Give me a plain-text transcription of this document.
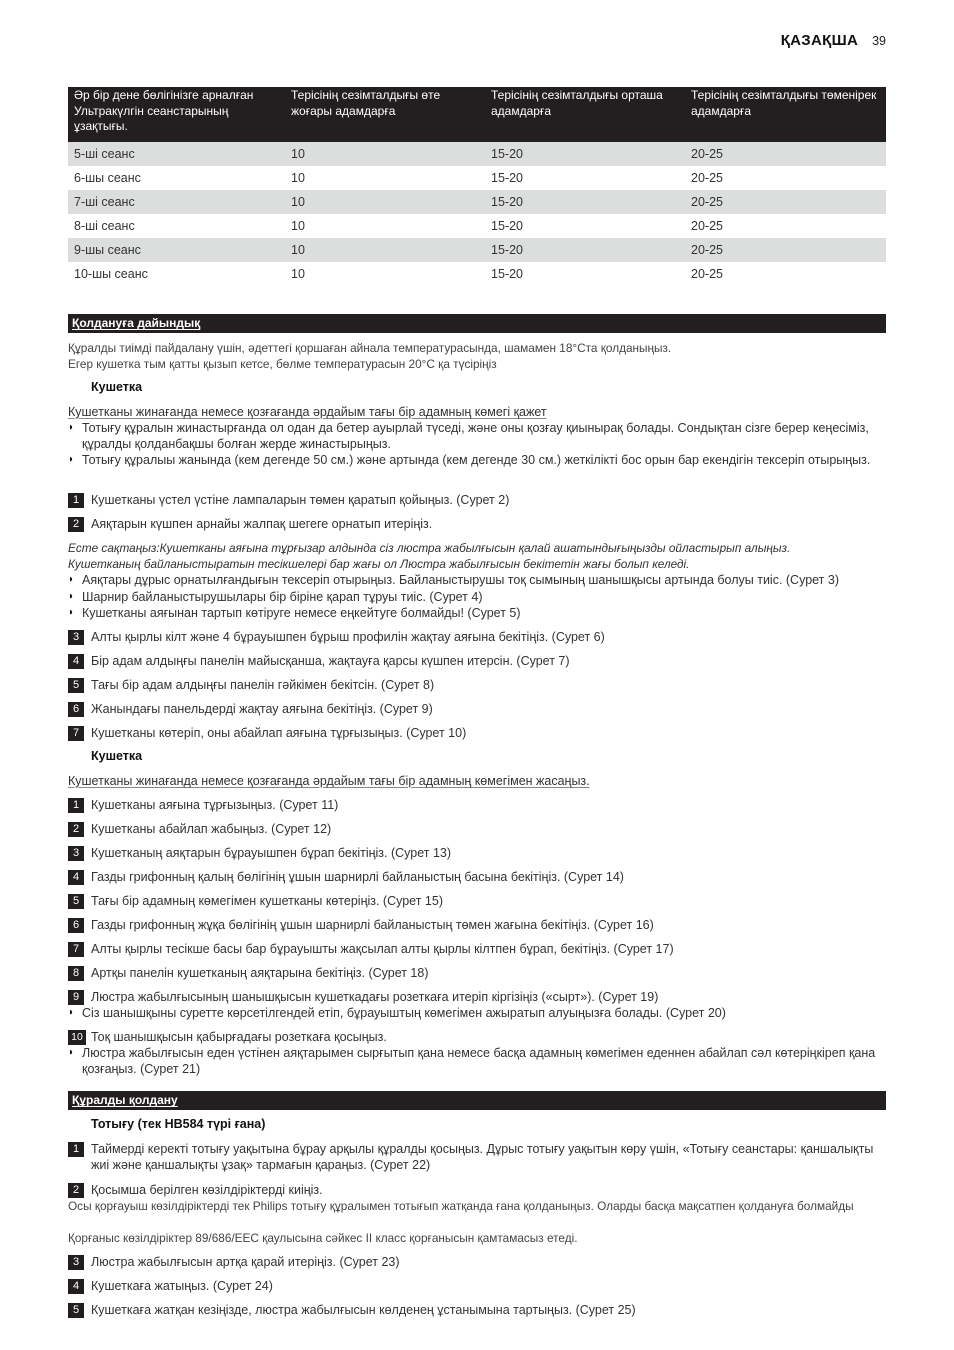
ҚАЗАҚША 39
Әр бір дене бөлігінізге арналған Ультракүлгін сеанстарының ұзақтығы.	Терісінің сезімталдығы өте жоғары адамдарға	Терісінің сезімталдығы орташа адамдарға	Терісінің сезімталдығы төменірек адамдарға
5-ші сеанс	10	15-20	20-25
6-шы сеанс	10	15-20	20-25
7-ші сеанс	10	15-20	20-25
8-ші сеанс	10	15-20	20-25
9-шы сеанс	10	15-20	20-25
10-шы сеанс	10	15-20	20-25
Қолдануға дайындық
Құралды тиімді пайдалану үшін, әдеттегі қоршаған айнала температурасында, шамамен 18°Cта қолданыңыз.
Егер кушетка тым қатты қызып кетсе, бөлме температурасын 20°C қа түсіріңіз
Кушетка
Кушетканы жинағанда немесе қозғағанда әрдайым тағы бір адамның көмегі қажет
◗ Тотығу құралын жинастырғанда ол одан да бетер ауырлай түседі, және оны қозғау қиынырақ болады. Сондықтан сізге берер кеңесіміз, құралды қолданбақшы болған жерде жинастырыңыз.
◗ Тотығу құралыы жанында (кем дегенде 50 см.) және артында (кем дегенде 30 см.) жеткілікті бос орын бар екендігін тексеріп отырыңыз.
1 Кушетканы үстел үстіне лампаларын төмен қаратып қойыңыз. (Сурет 2)
2 Аяқтарын күшпен арнайы жалпақ шегеге орнатып итеріңіз.
Есте сақтаңыз:Кушетканы аяғына тұрғызар алдында сіз люстра жабылғысын қалай ашатындығыңызды ойластырып алыңыз.
Кушетканың байланыстыратын тесікшелері бар жағы ол Люстра жабылғысын бекітетін жағы болып келеді.
◗ Аяқтары дұрыс орнатылғандығын тексеріп отырыңыз. Байланыстырушы тоқ сымының шанышқысы артында болуы тиіс. (Сурет 3)
◗ Шарнир байланыстырушылары бір біріне қарап тұруы тиіс. (Сурет 4)
◗ Кушетканы аяғынан тартып көтіруге немесе еңкейтуге болмайды! (Сурет 5)
3 Алты қырлы кілт және 4 бұрауышпен бұрыш профилін жақтау аяғына бекітіңіз. (Сурет 6)
4 Бір адам алдыңғы панелін майысқанша, жақтауға қарсы күшпен итерсін. (Сурет 7)
5 Тағы бір адам алдыңғы панелін гәйкімен бекітсін. (Сурет 8)
6 Жанындағы панельдерді жақтау аяғына бекітіңіз. (Сурет 9)
7 Кушетканы көтеріп, оны абайлап аяғына тұрғызыңыз. (Сурет 10)
Кушетка
Кушетканы жинағанда немесе қозғағанда әрдайым тағы бір адамның көмегімен жасаңыз.
1 Кушетканы аяғына тұрғызыңыз. (Сурет 11)
2 Кушетканы абайлап жабыңыз. (Сурет 12)
3 Кушетканың аяқтарын бұрауышпен бұрап бекітіңіз. (Сурет 13)
4 Газды грифонның қалың бөлігінің ұшын шарнирлі байланыстың басына бекітіңіз. (Сурет 14)
5 Тағы бір адамның көмегімен кушетканы көтеріңіз. (Сурет 15)
6 Газды грифонның жұқа бөлігінің ұшын шарнирлі байланыстың төмен жағына бекітіңіз. (Сурет 16)
7 Алты қырлы тесікше басы бар бұрауышты жақсылап алты қырлы кілтпен бұрап, бекітіңіз. (Сурет 17)
8 Артқы панелін кушетканың аяқтарына бекітіңіз. (Сурет 18)
9 Люстра жабылғысының шанышқысын кушеткадағы розеткаға итеріп кіргізіңіз («сырт»). (Сурет 19)
◗ Сіз шанышқыны суретте көрсетілгендей етіп, бұрауыштың көмегімен ажыратып алуыңызға болады. (Сурет 20)
10 Тоқ шанышқысын қабырғадағы розеткаға қосыңыз.
◗ Люстра жабылғысын еден үстінен аяқтарымен сырғытып қана немесе басқа адамның көмегімен еденнен абайлап сәл көтеріңкіреп қана қозғаңыз. (Сурет 21)
Құралды қолдану
Тотығу (тек HB584 түрі ғана)
1 Таймерді керекті тотығу уақытына бұрау арқылы құралды қосыңыз. Дұрыс тотығу уақытын көру үшін, «Тотығу сеанстары: қаншалықты жиі және қаншалықты ұзақ» тармағын қараңыз. (Сурет 22)
2 Қосымша берілген көзілдіріктерді киіңіз.
Осы қорғауыш көзілдіріктерді тек Philips тотығу құралымен тотығып жатқанда ғана қолданыңыз. Оларды басқа мақсатпен қолдануға болмайды
Қорғаныс көзілдіріктер 89/686/EEC қаулысына сәйкес II класс қорғанысын қамтамасыз етеді.
3 Люстра жабылғысын артқа қарай итеріңіз. (Сурет 23)
4 Кушеткаға жатыңыз. (Сурет 24)
5 Кушеткаға жатқан кезіңізде, люстра жабылғысын көлденең ұстанымына тартыңыз. (Сурет 25)
